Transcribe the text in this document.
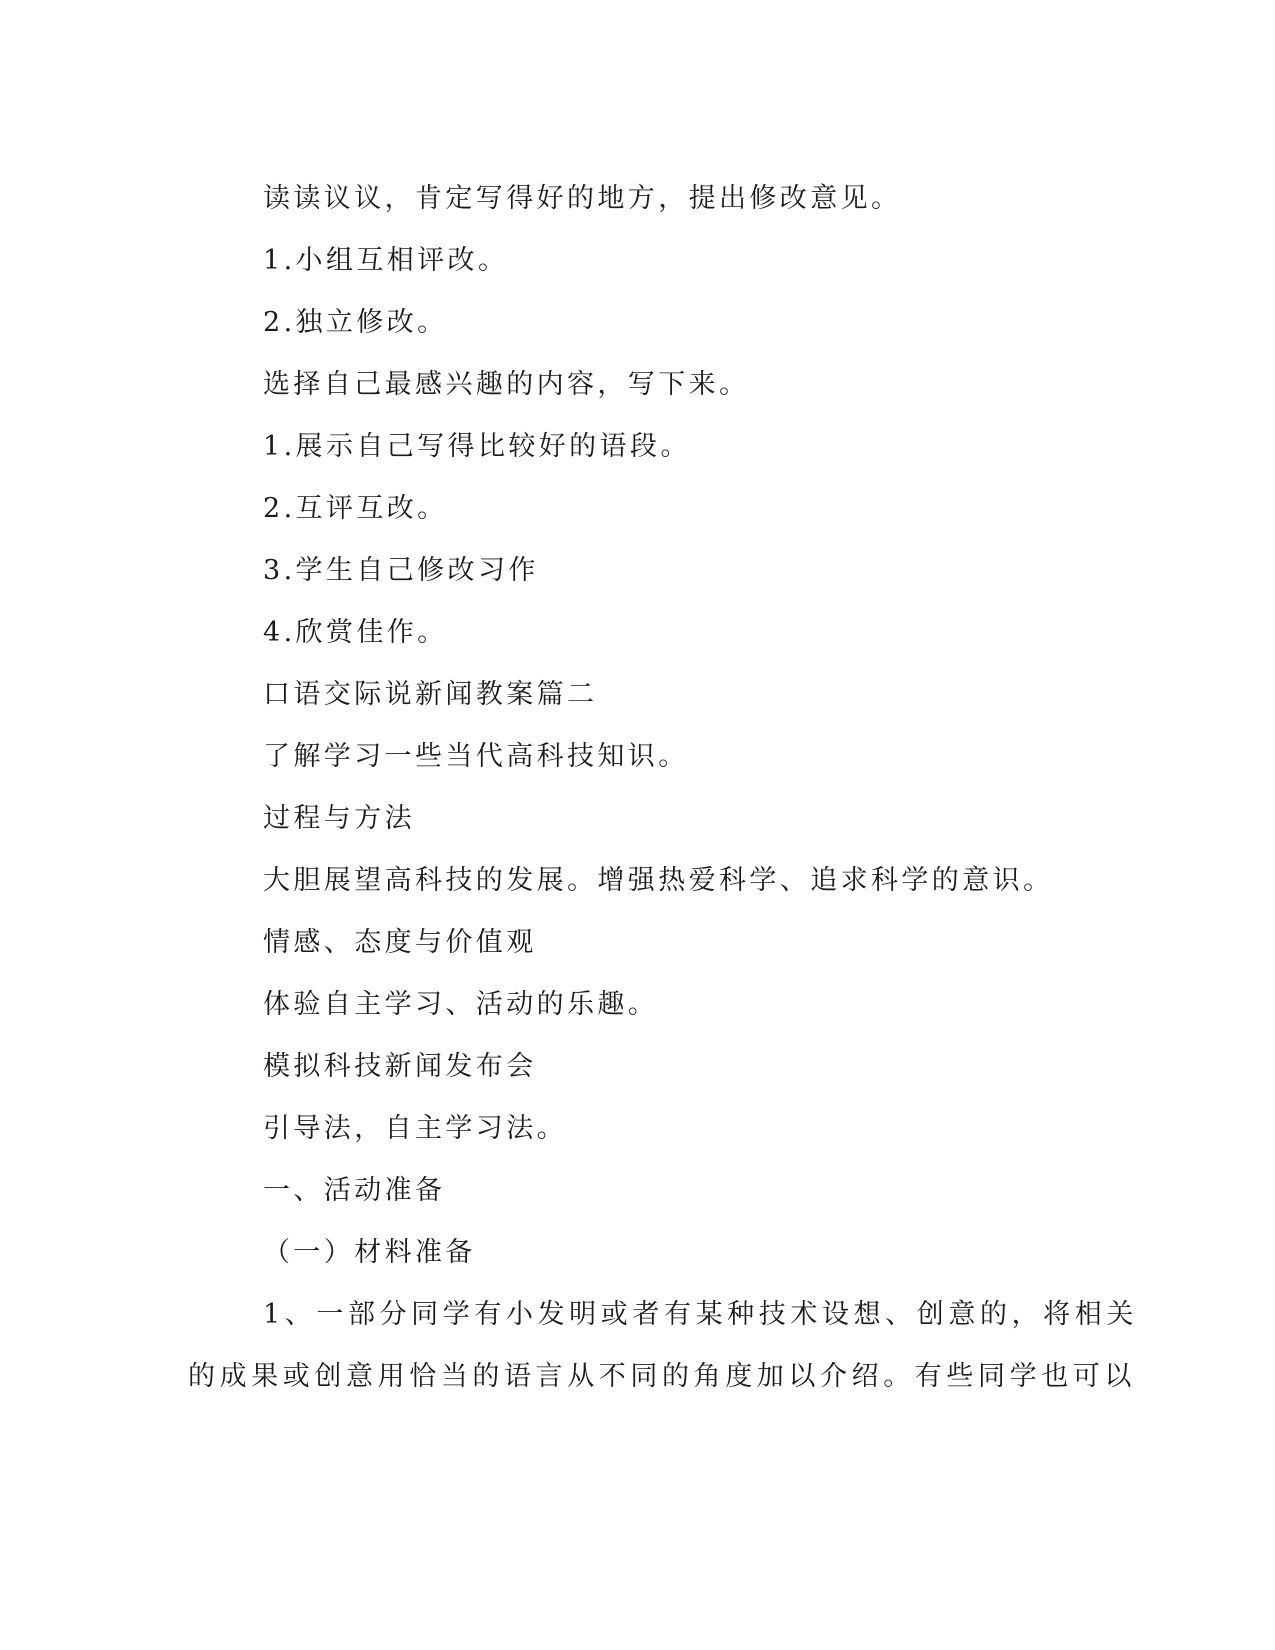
读读议议，肯定写得好的地方，提出修改意见。

1.小组互相评改。

2.独立修改。

选择自己最感兴趣的内容，写下来。

1.展示自己写得比较好的语段。

2.互评互改。

3.学生自己修改习作

4.欣赏佳作。

口语交际说新闻教案篇二

了解学习一些当代高科技知识。

过程与方法

大胆展望高科技的发展。增强热爱科学、追求科学的意识。

情感、态度与价值观

体验自主学习、活动的乐趣。

模拟科技新闻发布会

引导法，自主学习法。

一、活动准备

（一）材料准备

1、一部分同学有小发明或者有某种技术设想、创意的，将相关

的成果或创意用恰当的语言从不同的角度加以介绍。有些同学也可以
